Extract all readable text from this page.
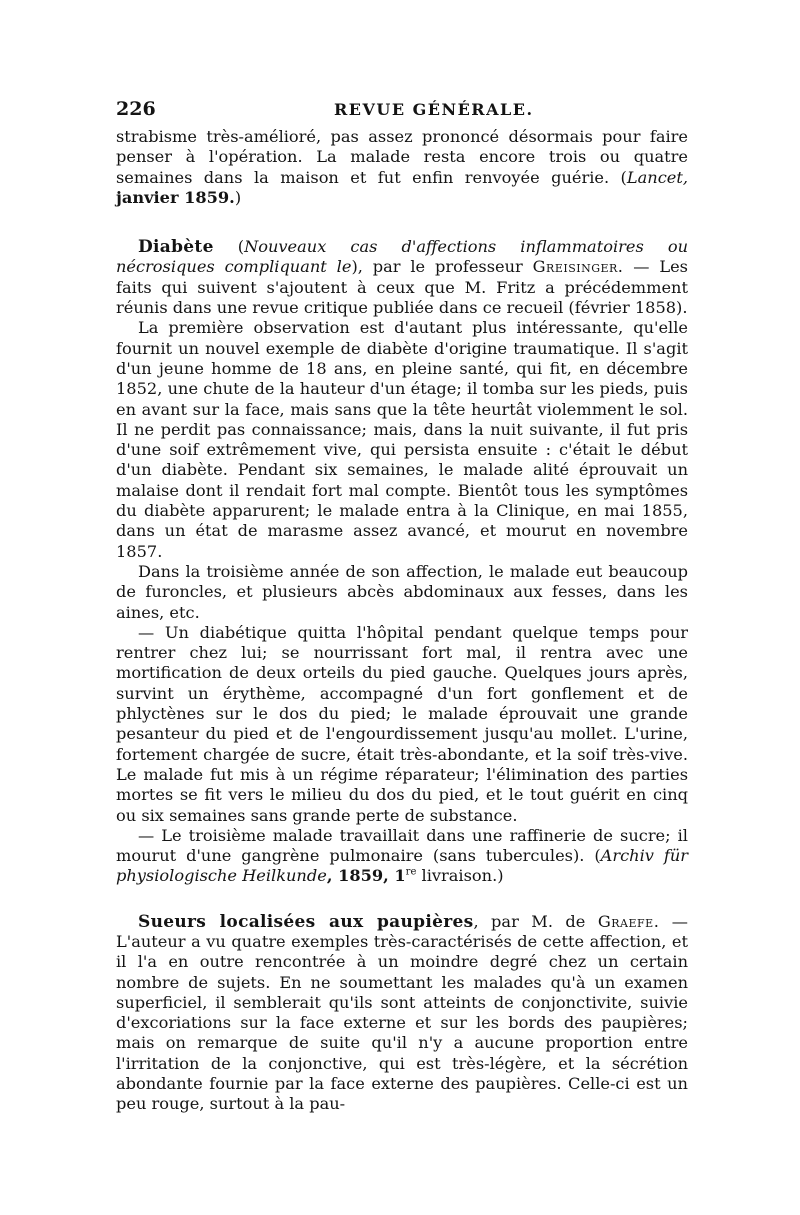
226	REVUE GÉNÉRALE.

strabisme très-amélioré, pas assez prononcé désormais pour faire penser à l'opération. La malade resta encore trois ou quatre semaines dans la maison et fut enfin renvoyée guérie. (Lancet, janvier 1859.)

Diabète (Nouveaux cas d'affections inflammatoires ou nécrosiques compliquant le), par le professeur Greisinger. — Les faits qui suivent s'ajoutent à ceux que M. Fritz a précédemment réunis dans une revue critique publiée dans ce recueil (février 1858).

La première observation est d'autant plus intéressante, qu'elle fournit un nouvel exemple de diabète d'origine traumatique. Il s'agit d'un jeune homme de 18 ans, en pleine santé, qui fit, en décembre 1852, une chute de la hauteur d'un étage; il tomba sur les pieds, puis en avant sur la face, mais sans que la tête heurtât violemment le sol. Il ne perdit pas connaissance; mais, dans la nuit suivante, il fut pris d'une soif extrêmement vive, qui persista ensuite : c'était le début d'un diabète. Pendant six semaines, le malade alité éprouvait un malaise dont il rendait fort mal compte. Bientôt tous les symptômes du diabète apparurent; le malade entra à la Clinique, en mai 1855, dans un état de marasme assez avancé, et mourut en novembre 1857.

Dans la troisième année de son affection, le malade eut beaucoup de furoncles, et plusieurs abcès abdominaux aux fesses, dans les aines, etc.

— Un diabétique quitta l'hôpital pendant quelque temps pour rentrer chez lui; se nourrissant fort mal, il rentra avec une mortification de deux orteils du pied gauche. Quelques jours après, survint un érythème, accompagné d'un fort gonflement et de phlyctènes sur le dos du pied; le malade éprouvait une grande pesanteur du pied et de l'engourdissement jusqu'au mollet. L'urine, fortement chargée de sucre, était très-abondante, et la soif très-vive. Le malade fut mis à un régime réparateur; l'élimination des parties mortes se fit vers le milieu du dos du pied, et le tout guérit en cinq ou six semaines sans grande perte de substance.

— Le troisième malade travaillait dans une raffinerie de sucre; il mourut d'une gangrène pulmonaire (sans tubercules). (Archiv für physiologische Heilkunde, 1859, 1re livraison.)

Sueurs localisées aux paupières, par M. de Graefe. — L'auteur a vu quatre exemples très-caractérisés de cette affection, et il l'a en outre rencontrée à un moindre degré chez un certain nombre de sujets. En ne soumettant les malades qu'à un examen superficiel, il semblerait qu'ils sont atteints de conjonctivite, suivie d'excoriations sur la face externe et sur les bords des paupières; mais on remarque de suite qu'il n'y a aucune proportion entre l'irritation de la conjonctive, qui est très-légère, et la sécrétion abondante fournie par la face externe des paupières. Celle-ci est un peu rouge, surtout à la pau-
